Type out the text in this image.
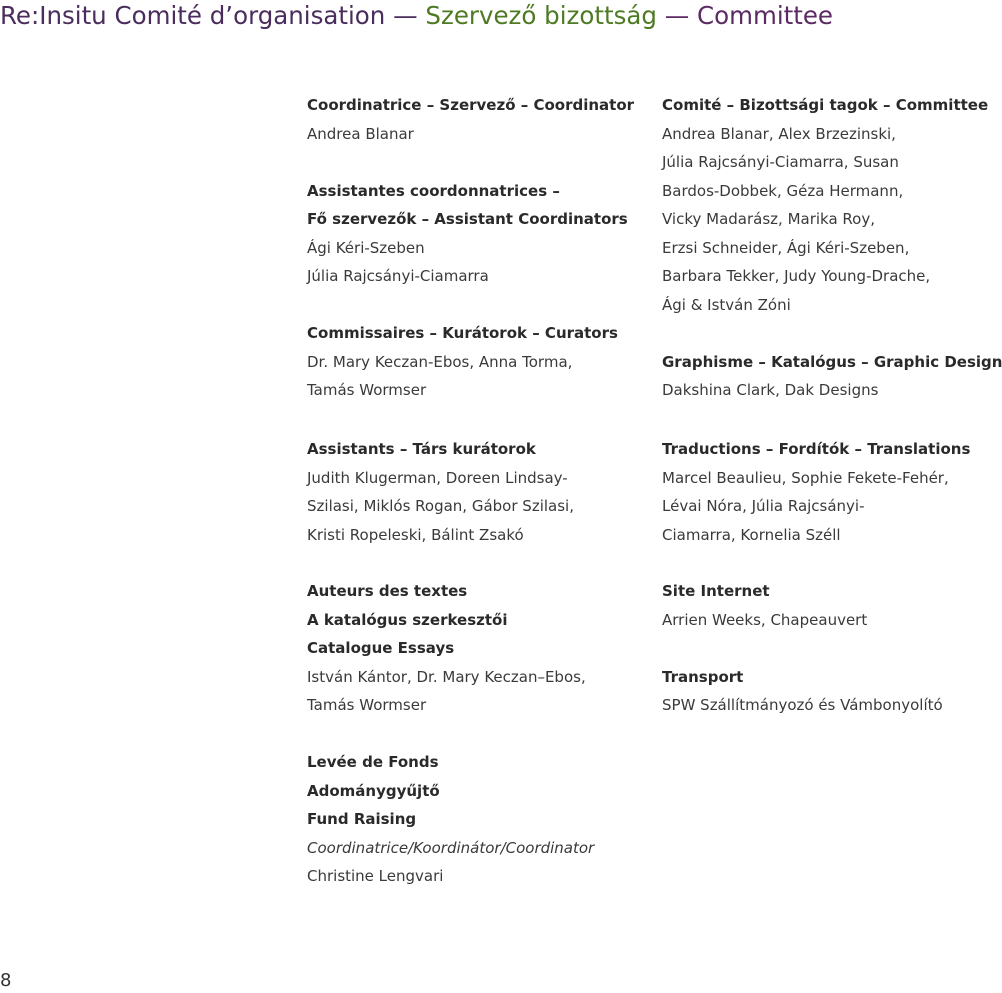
Re:Insitu Comité d’organisation — Szervező bizottság — Committee
Coordinatrice – Szervező – Coordinator
Andrea Blanar
Assistantes coordonnatrices –
Fő szervezők – Assistant Coordinators
Ági Kéri-Szeben
Júlia Rajcsányi-Ciamarra
Commissaires – Kurátorok – Curators
Dr. Mary Keczan-Ebos, Anna Torma,
Tamás Wormser
Assistants – Társ kurátorok
Judith Klugerman, Doreen Lindsay-
Szilasi, Miklós Rogan, Gábor Szilasi,
Kristi Ropeleski, Bálint Zsakó
Auteurs des textes
A katalógus szerkesztői
Catalogue Essays
István Kántor, Dr. Mary Keczan–Ebos,
Tamás Wormser
Levée de Fonds
Adománygyűjtő
Fund Raising
Coordinatrice/Koordinátor/Coordinator
Christine Lengvari
Comité – Bizottsági tagok – Committee
Andrea Blanar, Alex Brzezinski,
Júlia Rajcsányi-Ciamarra, Susan
Bardos-Dobbek, Géza Hermann,
Vicky Madarász, Marika Roy,
Erzsi Schneider, Ági Kéri-Szeben,
Barbara Tekker, Judy Young-Drache,
Ági & István Zóni
Graphisme – Katalógus – Graphic Design
Dakshina Clark, Dak Designs
Traductions – Fordítók – Translations
Marcel Beaulieu, Sophie Fekete-Fehér,
Lévai Nóra, Júlia Rajcsányi-
Ciamarra, Kornelia Széll
Site Internet
Arrien Weeks, Chapeauvert
Transport
SPW Szállítmányozó és Vámbonyolító
8
